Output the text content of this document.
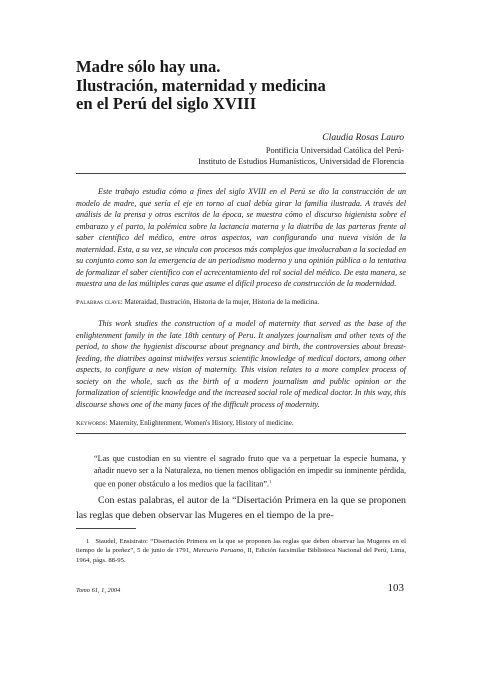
Madre sólo hay una.
Ilustración, maternidad y medicina
en el Perú del siglo XVIII
Claudia Rosas Lauro
Pontificia Universidad Católica del Perú-
Instituto de Estudios Humanísticos, Universidad de Florencia

Este trabajo estudia cómo a fines del siglo XVIII en el Perú se dio la construcción de un modelo de madre, que sería el eje en torno al cual debía girar la familia ilustrada. A través del análisis de la prensa y otros escritos de la época, se muestra cómo el discurso higienista sobre el embarazo y el parto, la polémica sobre la lactancia materna y la diatriba de las parteras frente al saber científico del médico, entre otros aspectos, van configurando una nueva visión de la maternidad. Esta, a su vez, se vincula con procesos más complejos que involucraban a la sociedad en su conjunto como son la emergencia de un periodismo moderno y una opinión pública o la tentativa de formalizar el saber científico con el acrecentamiento del rol social del médico. De esta manera, se muestra una de las múltiples caras que asume el difícil proceso de construcción de la modernidad.

Palabras clave: Materaidad, Ilustración, Historia de la mujer, Historia de la medicina.

This work studies the construction of a model of maternity that served as the base of the enlightenment family in the late 18th century of Peru. It analyzes journalism and other texts of the period, to show the hygienist discourse about pregnancy and birth, the controversies about breast-feeding, the diatribes against midwifes versus scientific knowledge of medical doctors, among other aspects, to configure a new vision of maternity. This vision relates to a more complex process of society on the whole, such as the birth of a modern journalism and public opinion or the formalization of scientific knowledge and the increased social role of medical doctor. In this way, this discourse shows one of the many faces of the difficult process of modernity.

Keywords: Maternity, Enlightenment, Women's History, History of medicine.
“Las que custodian en su vientre el sagrado fruto que va a perpetuar la especie humana, y añadir nuevo ser a la Naturaleza, no tienen menos obligación en impedir su inminente pérdida, que en poner obstáculo a los medios que la facilitan”.$^1$

Con estas palabras, el autor de la “Disertación Primera en la que se proponen las reglas que deben observar las Mugeres en el tiempo de la pre-

1 Staudel, Ensistrato: “Disertación Primera en la que se proponen las reglas que deben observar las Mugeres en el tiempo de la preñez”, 5 de junio de 1791, Mercurio Peruano, II, Edición facsimilar Biblioteca Nacional del Perú, Lima, 1964, págs. 88-95.

Tomo 61, 1, 2004	103
